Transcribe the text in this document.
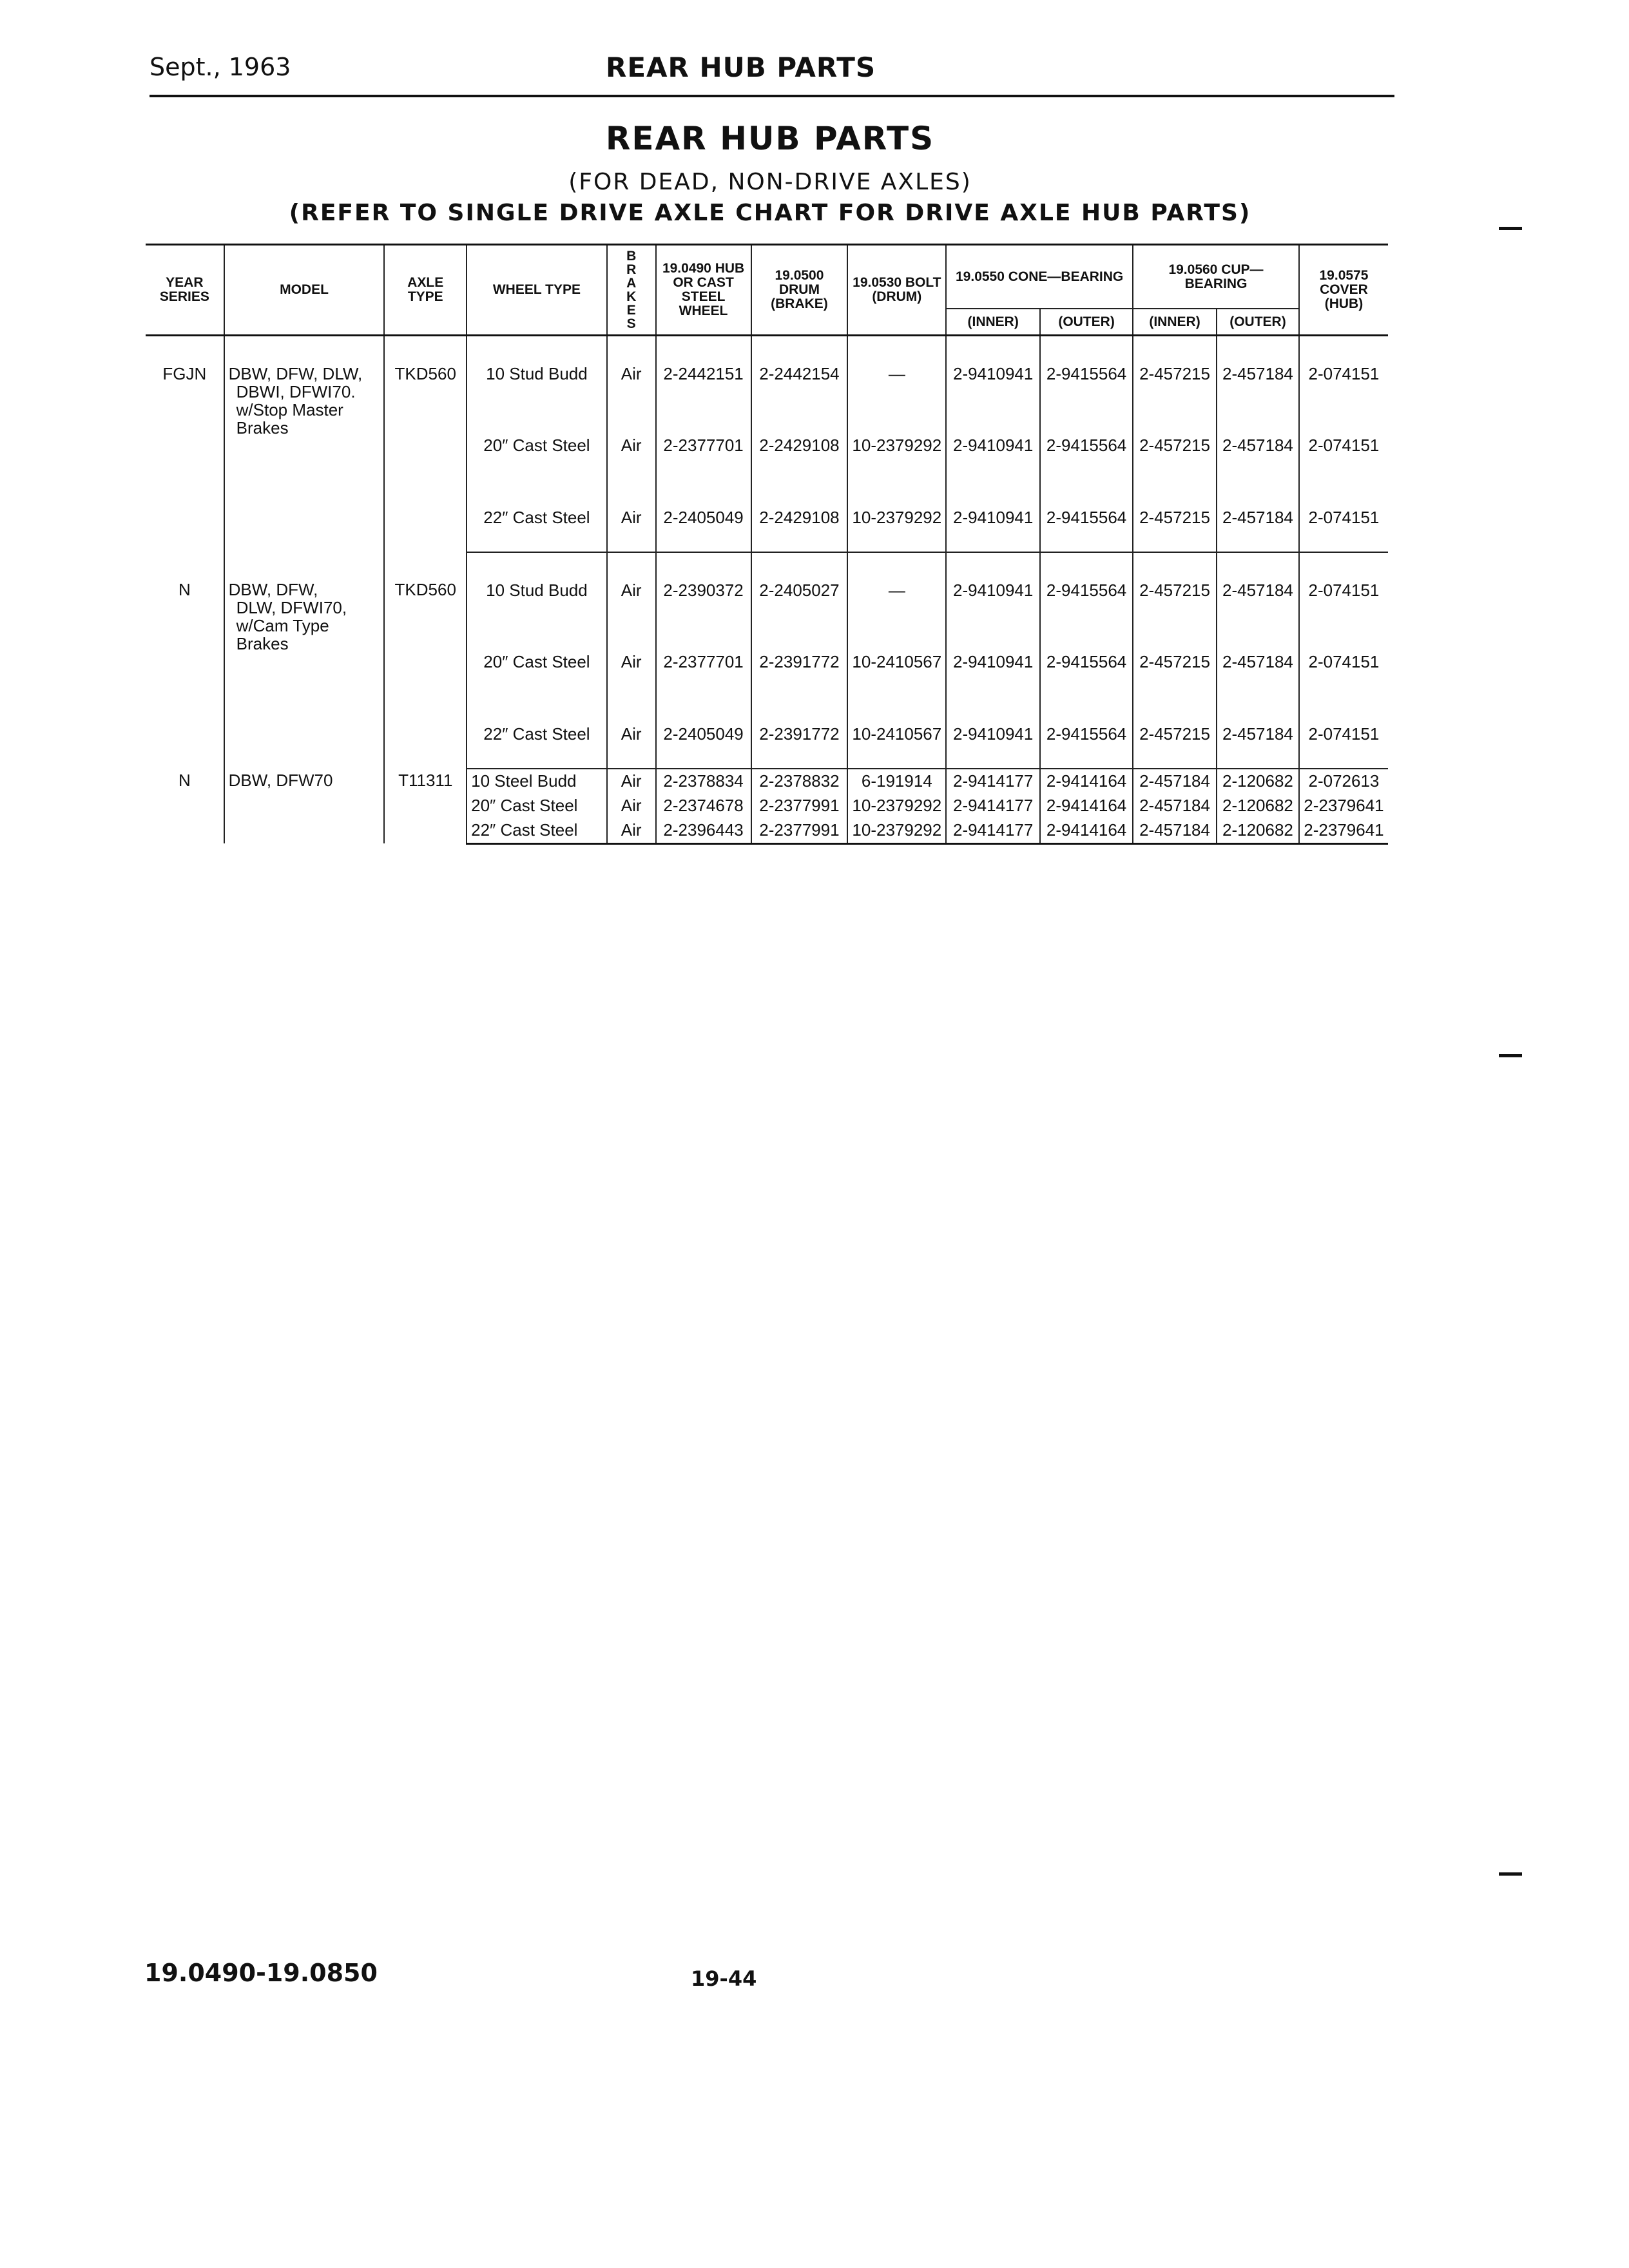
Sept., 1963	REAR HUB PARTS
REAR HUB PARTS
(FOR DEAD, NON-DRIVE AXLES)
(REFER TO SINGLE DRIVE AXLE CHART FOR DRIVE AXLE HUB PARTS)
YEAR SERIES	MODEL	AXLE TYPE	WHEEL TYPE	BRAKES	19.0490 HUB OR CAST STEEL WHEEL	19.0500 DRUM (BRAKE)	19.0530 BOLT (DRUM)	19.0550 CONE—BEARING		19.0560 CUP—BEARING		19.0575 COVER (HUB)
								(INNER)	(OUTER)	(INNER)	(OUTER)	
FGJN	DBW, DFW, DLW,
DBWI, DFWI70.
w/Stop Master
Brakes	TKD560	10 Stud Budd	Air	2-2442151	2-2442154	—	2-9410941	2-9415564	2-457215	2-457184	2-074151
			20″ Cast Steel	Air	2-2377701	2-2429108	10-2379292	2-9410941	2-9415564	2-457215	2-457184	2-074151
			22″ Cast Steel	Air	2-2405049	2-2429108	10-2379292	2-9410941	2-9415564	2-457215	2-457184	2-074151
N	DBW, DFW,
DLW, DFWI70,
w/Cam Type
Brakes	TKD560	10 Stud Budd	Air	2-2390372	2-2405027	—	2-9410941	2-9415564	2-457215	2-457184	2-074151
			20″ Cast Steel	Air	2-2377701	2-2391772	10-2410567	2-9410941	2-9415564	2-457215	2-457184	2-074151
			22″ Cast Steel	Air	2-2405049	2-2391772	10-2410567	2-9410941	2-9415564	2-457215	2-457184	2-074151
N	DBW, DFW70	T11311	10 Steel Budd	Air	2-2378834	2-2378832	6-191914	2-9414177	2-9414164	2-457184	2-120682	2-072613
			20″ Cast Steel	Air	2-2374678	2-2377991	10-2379292	2-9414177	2-9414164	2-457184	2-120682	2-2379641
			22″ Cast Steel	Air	2-2396443	2-2377991	10-2379292	2-9414177	2-9414164	2-457184	2-120682	2-2379641
19.0490-19.0850	19-44
